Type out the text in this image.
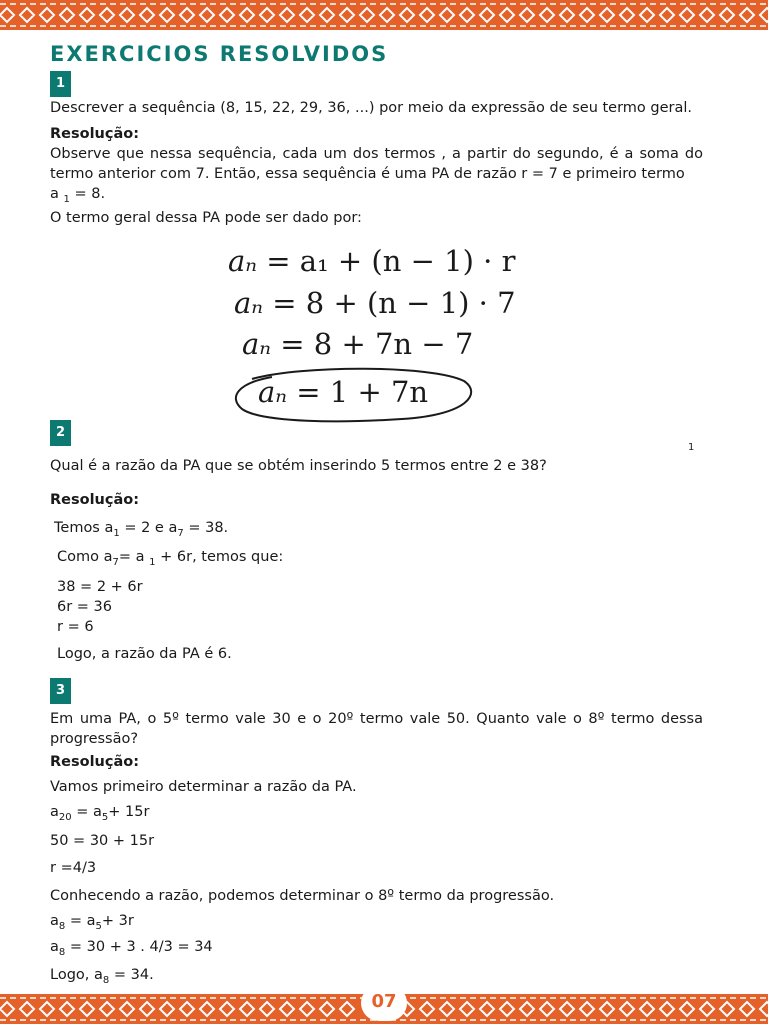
EXERCICIOS RESOLVIDOS
1

Descrever a sequência (8, 15, 22, 29, 36, ...) por meio da expressão de seu termo geral.

Resolução:

Observe que nessa sequência, cada um dos termos , a partir do segundo, é a soma do termo anterior com 7. Então, essa sequência é uma PA de razão r = 7 e primeiro termo

a $_1$ = 8.

O termo geral dessa PA pode ser dado por:

aₙ = a₁ + (n − 1) · r

aₙ = 8 + (n − 1) · 7

aₙ = 8 + 7n − 7

aₙ = 1 + 7n

2

1

Qual é a razão da PA que se obtém inserindo 5 termos entre 2 e 38?

Resolução:

Temos $a_1 = 2$ e $a_7 = 38$.

Como $a_7= a$ $_1$ + 6r, temos que:

38 = 2 + 6r

6r = 36

r = 6

Logo, a razão da PA é 6.

3

Em uma PA, o 5º termo vale 30 e o 20º termo vale 50. Quanto vale o 8º termo dessa progressão?

Resolução:

Vamos primeiro determinar a razão da PA.

$a_{20} = a_5+ 15r$

50 = 30 + 15r

r =4/3

Conhecendo a razão, podemos determinar o 8º termo da progressão.

$a_8 = a_5+ 3r$

$a_8 = 30 + 3$ . 4/3 = 34

Logo, $a_8 = 34$.

07
